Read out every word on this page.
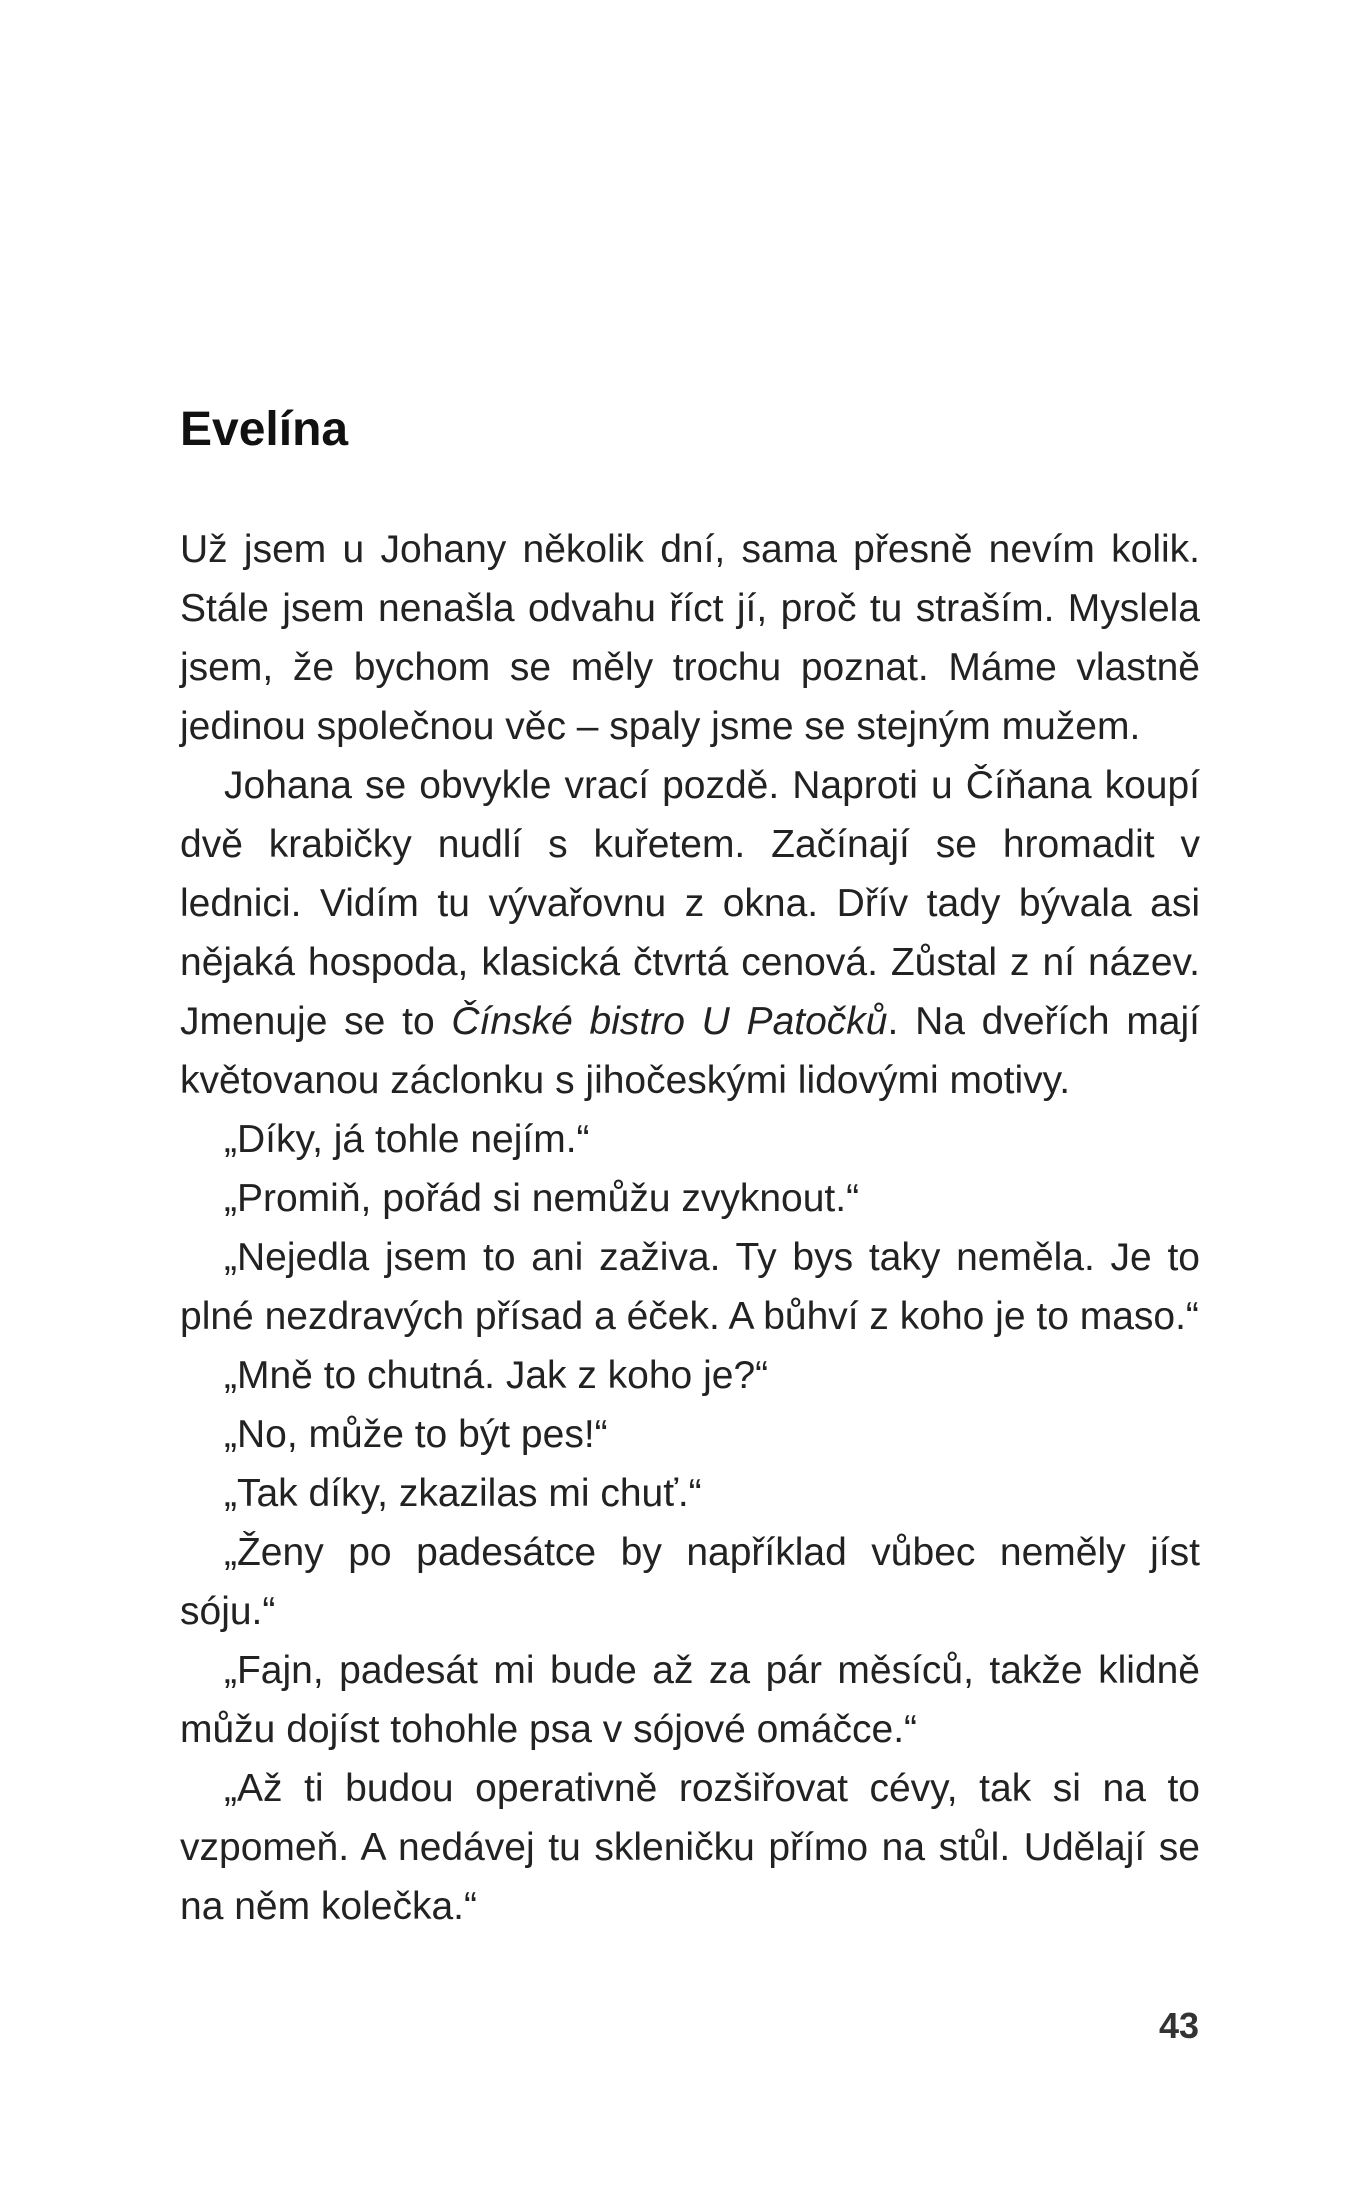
Evelína

Už jsem u Johany několik dní, sama přesně nevím kolik. Stále jsem nenašla odvahu říct jí, proč tu straším. Myslela jsem, že bychom se měly trochu poznat. Máme vlastně jedinou společnou věc – spaly jsme se stejným mužem.

Johana se obvykle vrací pozdě. Naproti u Číňana koupí dvě krabičky nudlí s kuřetem. Začínají se hromadit v lednici. Vidím tu vývařovnu z okna. Dřív tady bývala asi nějaká hospoda, klasická čtvrtá cenová. Zůstal z ní název. Jmenuje se to Čínské bistro U Patočků. Na dveřích mají květovanou záclonku s jihočeskými lidovými motivy.

„Díky, já tohle nejím.“

„Promiň, pořád si nemůžu zvyknout.“

„Nejedla jsem to ani zaživa. Ty bys taky neměla. Je to plné nezdravých přísad a éček. A bůhví z koho je to maso.“

„Mně to chutná. Jak z koho je?“

„No, může to být pes!“

„Tak díky, zkazilas mi chuť.“

„Ženy po padesátce by například vůbec neměly jíst sóju.“

„Fajn, padesát mi bude až za pár měsíců, takže klidně můžu dojíst tohohle psa v sójové omáčce.“

„Až ti budou operativně rozšiřovat cévy, tak si na to vzpomeň. A nedávej tu skleničku přímo na stůl. Udělají se na něm kolečka.“

43
